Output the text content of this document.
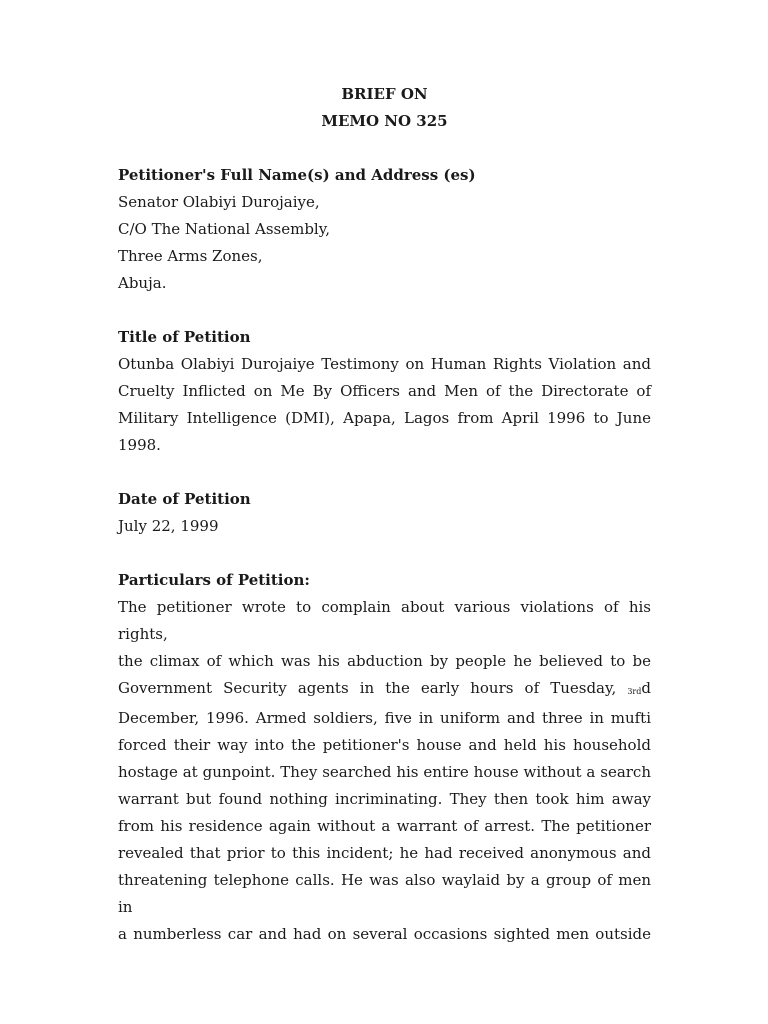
BRIEF ON
MEMO NO 325
Petitioner's Full Name(s) and Address (es)
Senator Olabiyi Durojaiye,
C/O The National Assembly,
Three Arms Zones,
Abuja.
Title of Petition
Otunba Olabiyi Durojaiye Testimony on Human Rights Violation and
Cruelty Inflicted on Me By Officers and Men of the Directorate of
Military Intelligence (DMI), Apapa, Lagos from April 1996 to June
1998.
Date of Petition
July 22, 1999
Particulars of Petition:
The petitioner wrote to complain about various violations of his rights,
the climax of which was his abduction by people he believed to be
Government Security agents in the early hours of Tuesday, 3rdd
December, 1996. Armed soldiers, five in uniform and three in mufti
forced their way into the petitioner's house and held his household
hostage at gunpoint. They searched his entire house without a search
warrant but found nothing incriminating. They then took him away
from his residence again without a warrant of arrest. The petitioner
revealed that prior to this incident; he had received anonymous and
threatening telephone calls. He was also waylaid by a group of men in
a numberless car and had on several occasions sighted men outside
